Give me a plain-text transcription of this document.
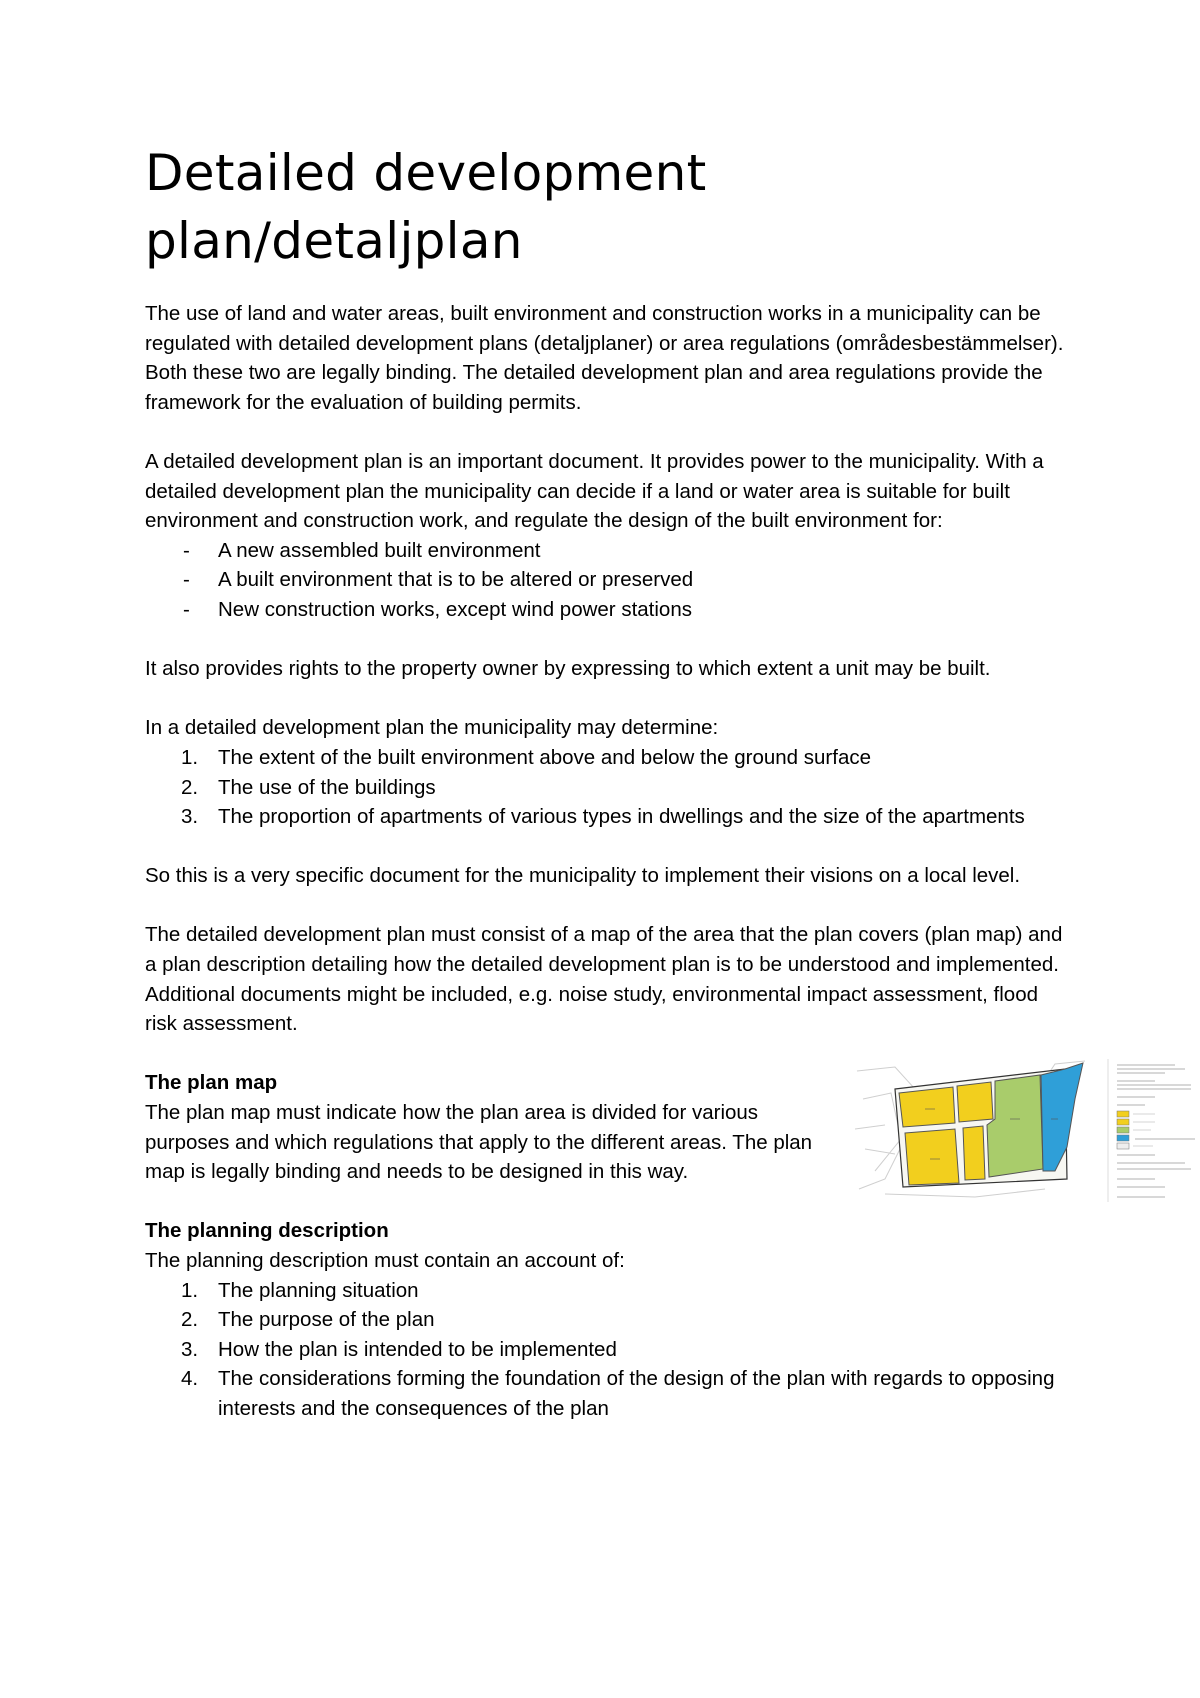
Detailed development plan/detaljplan

The use of land and water areas, built environment and construction works in a municipality can be regulated with detailed development plans (detaljplaner) or area regulations (områdesbestämmelser). Both these two are legally binding. The detailed development plan and area regulations provide the framework for the evaluation of building permits.

A detailed development plan is an important document. It provides power to the municipality. With a detailed development plan the municipality can decide if a land or water area is suitable for built environment and construction work, and regulate the design of the built environment for:

- A new assembled built environment
- A built environment that is to be altered or preserved
- New construction works, except wind power stations

It also provides rights to the property owner by expressing to which extent a unit may be built.

In a detailed development plan the municipality may determine:

1. The extent of the built environment above and below the ground surface
2. The use of the buildings
3. The proportion of apartments of various types in dwellings and the size of the apartments

So this is a very specific document for the municipality to implement their visions on a local level.

The detailed development plan must consist of a map of the area that the plan covers (plan map) and a plan description detailing how the detailed development plan is to be understood and implemented. Additional documents might be included, e.g. noise study, environmental impact assessment, flood risk assessment.

The plan map

The plan map must indicate how the plan area is divided for various purposes and which regulations that apply to the different areas. The plan map is legally binding and needs to be designed in this way.

The planning description

The planning description must contain an account of:

1. The planning situation
2. The purpose of the plan
3. How the plan is intended to be implemented
4. The considerations forming the foundation of the design of the plan with regards to opposing interests and the consequences of the plan
